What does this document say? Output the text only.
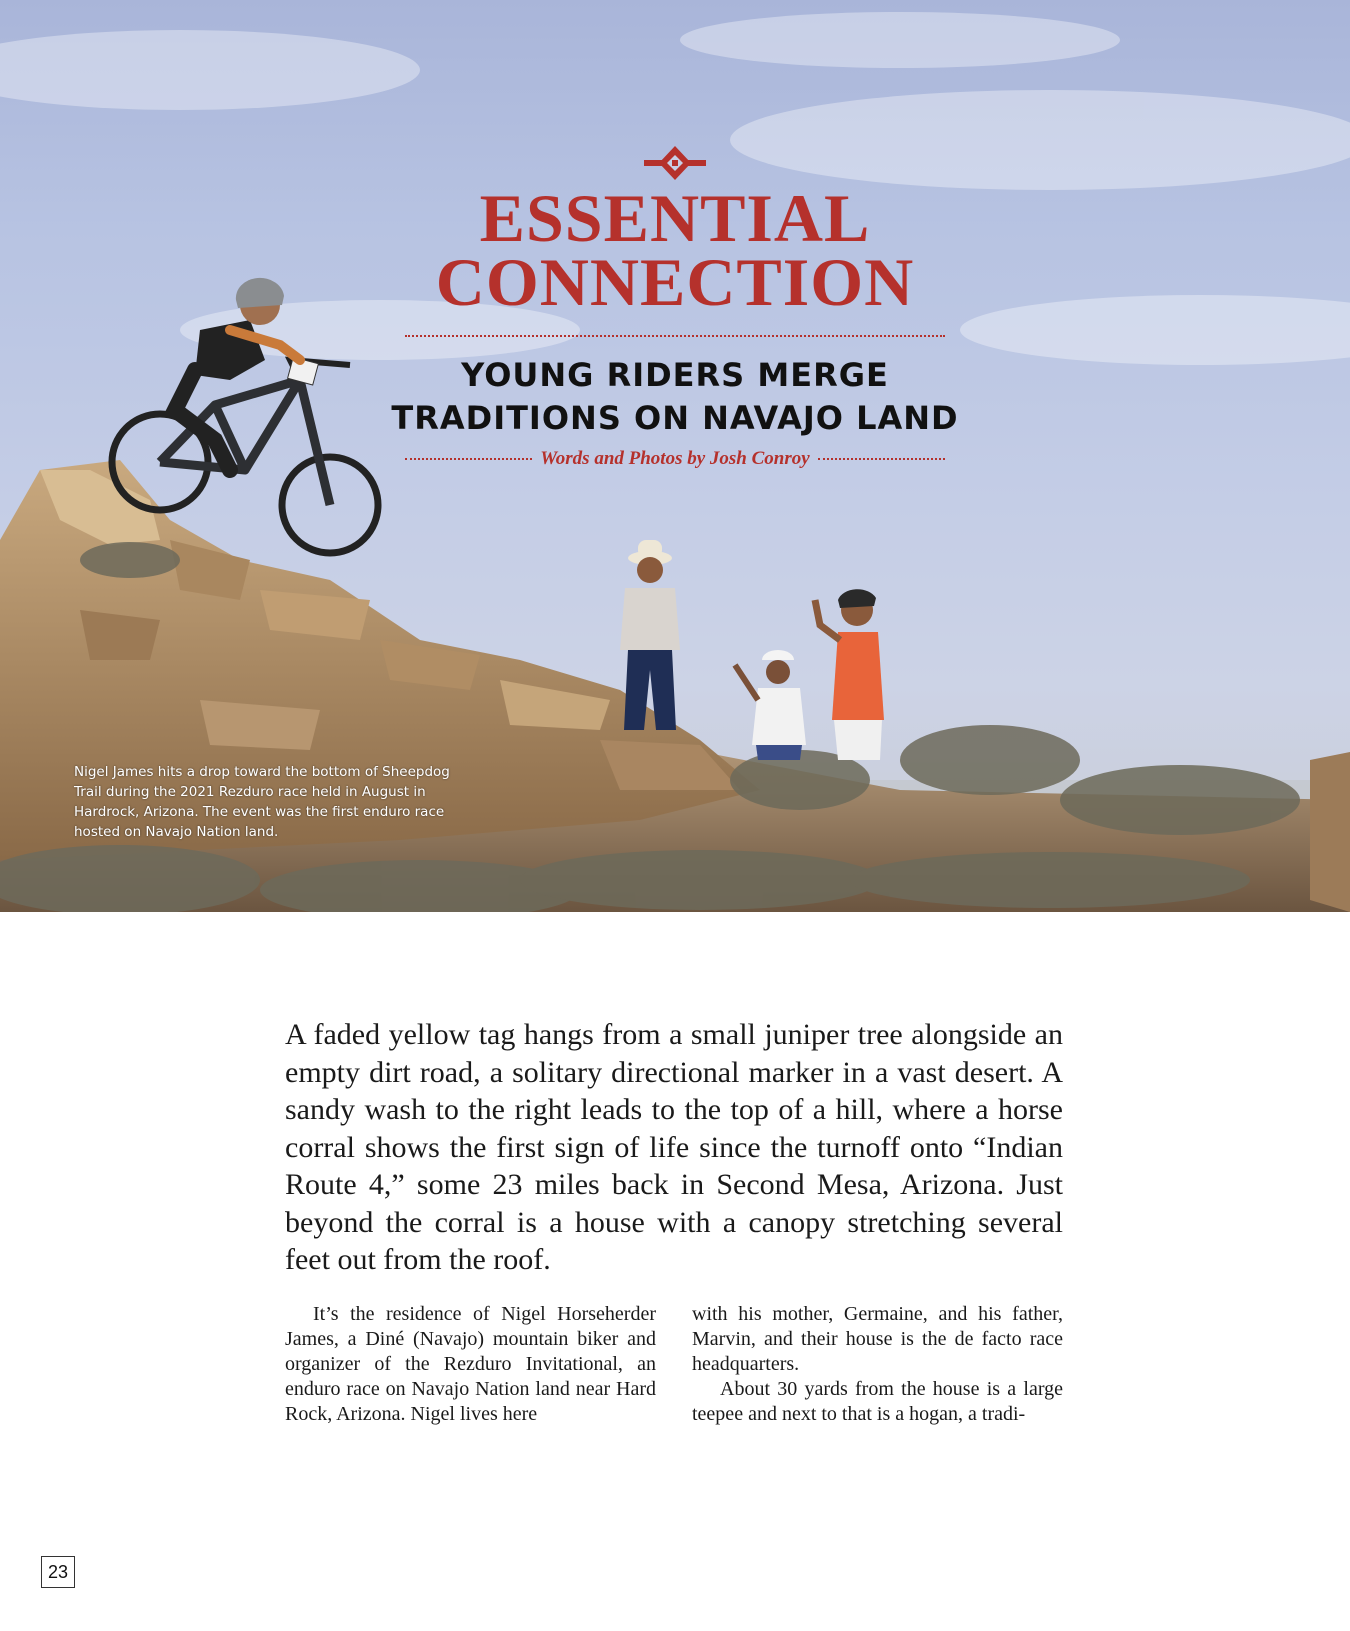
ESSENTIAL
CONNECTION
YOUNG RIDERS MERGE
TRADITIONS ON NAVAJO LAND
Words and Photos by Josh Conroy
Nigel James hits a drop toward the bottom of Sheepdog Trail during the 2021 Rezduro race held in August in Hardrock, Arizona. The event was the first enduro race hosted on Navajo Nation land.

A faded yellow tag hangs from a small juniper tree alongside an empty dirt road, a solitary directional marker in a vast desert. A sandy wash to the right leads to the top of a hill, where a horse corral shows the first sign of life since the turnoff onto “Indian Route 4,” some 23 miles back in Second Mesa, Arizona. Just beyond the corral is a house with a canopy stretching several feet out from the roof.

It’s the residence of Nigel Horseherder James, a Diné (Navajo) mountain biker and organizer of the Rezduro Invitational, an enduro race on Navajo Nation land near Hard Rock, Arizona. Nigel lives here

with his mother, Germaine, and his father, Marvin, and their house is the de facto race headquarters.

About 30 yards from the house is a large teepee and next to that is a hogan, a tradi-

23
